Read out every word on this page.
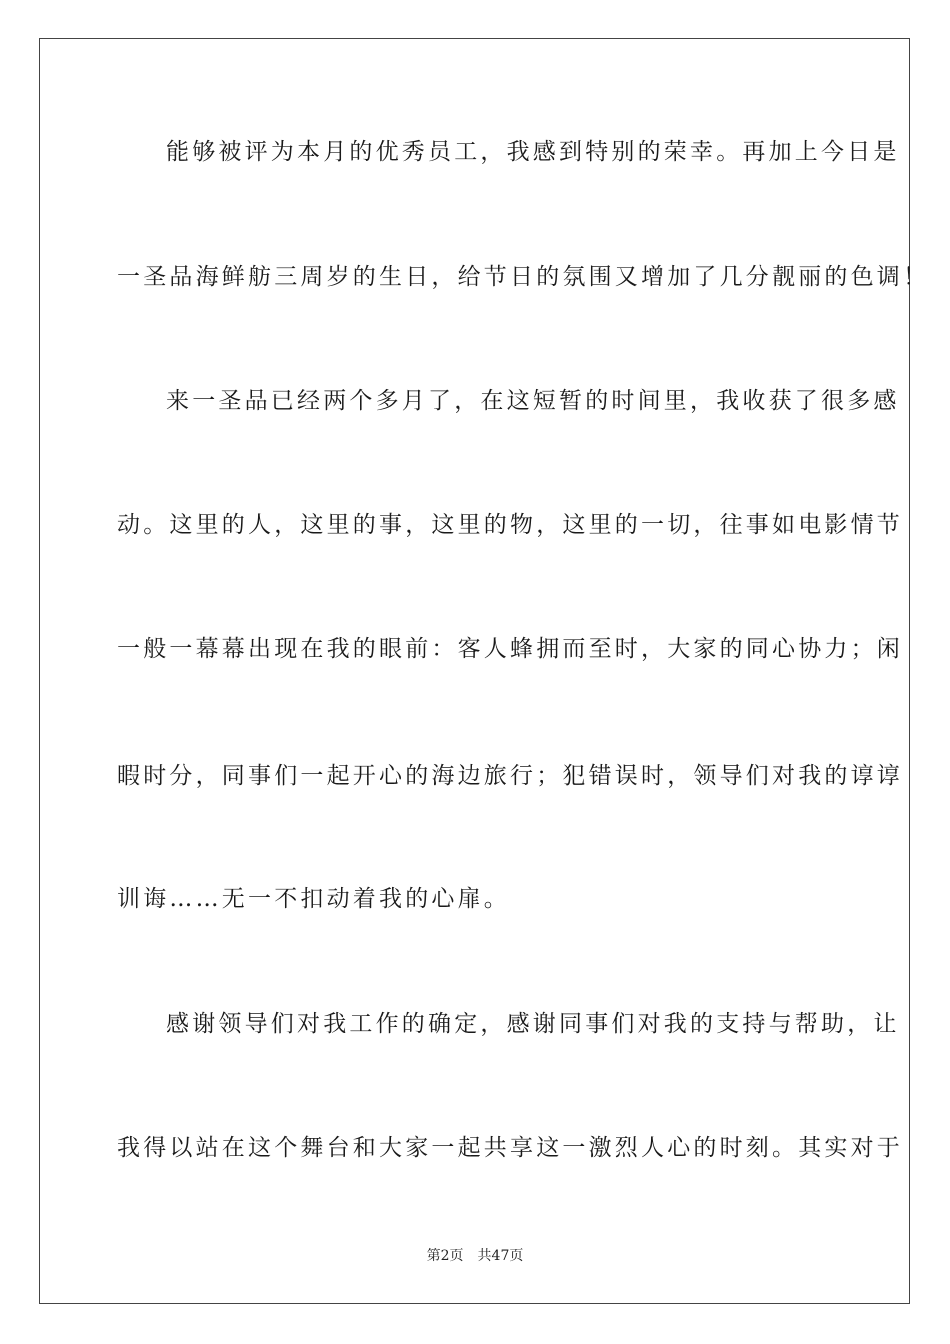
能够被评为本月的优秀员工，我感到特别的荣幸。再加上今日是
一圣品海鲜舫三周岁的生日，给节日的氛围又增加了几分靓丽的色调！
来一圣品已经两个多月了，在这短暂的时间里，我收获了很多感
动。这里的人，这里的事，这里的物，这里的一切，往事如电影情节
一般一幕幕出现在我的眼前：客人蜂拥而至时，大家的同心协力；闲
暇时分，同事们一起开心的海边旅行；犯错误时，领导们对我的谆谆
训诲……无一不扣动着我的心扉。
感谢领导们对我工作的确定，感谢同事们对我的支持与帮助，让
我得以站在这个舞台和大家一起共享这一激烈人心的时刻。其实对于
第2页 共47页
